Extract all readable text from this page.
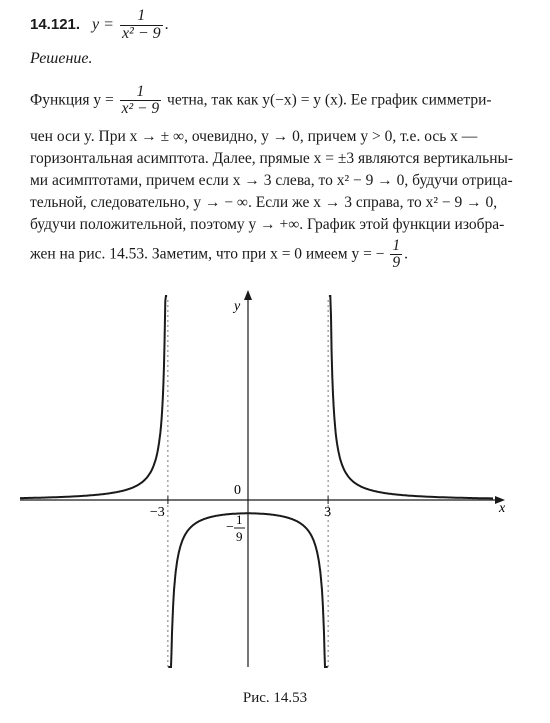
14.121. $y = \frac{1}{\text{x² − 9}}$ .
Решение.
Функция $y = \frac{1}{\text{x² − 9}}$ четна, так как y(−x) = y (x). Ее график симметри-
чен оси y. При x → ± ∞, очевидно, y → 0, причем y > 0, т.е. ось x —
горизонтальная асимптота. Далее, прямые x = ±3 являются вертикальны-
ми асимптотами, причем если x → 3 слева, то x² − 9 → 0, будучи отрица-
тельной, следовательно, y → − ∞. Если же x → 3 справа, то x² − 9 → 0,
будучи положительной, поэтому y → +∞. График этой функции изобра-
жен на рис. 14.53. Заметим, что при x = 0 имеем y = − $\frac{1}{9}$ .
x
y
−3	3
0
−
1
9
Рис. 14.53
